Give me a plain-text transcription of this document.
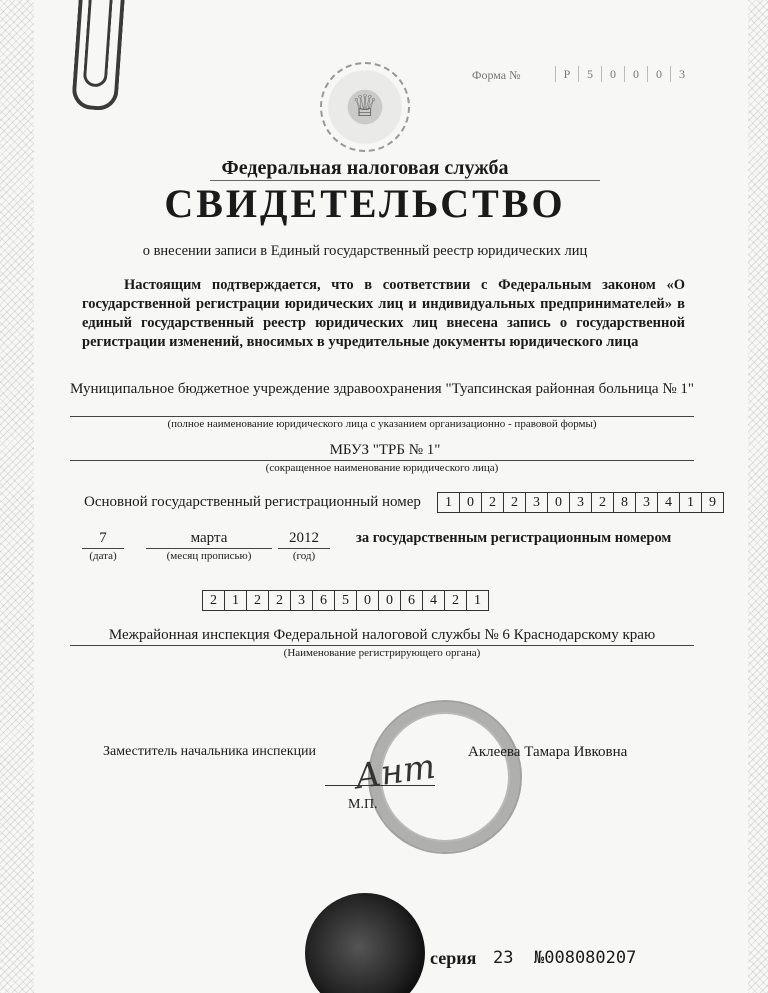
Форма №	Р	5	0	0	0	3
♕
Федеральная налоговая служба
СВИДЕТЕЛЬСТВО
о внесении записи в Единый государственный реестр юридических лиц
Настоящим подтверждается, что в соответствии с Федеральным законом «О государственной регистрации юридических лиц и индивидуальных предпринимателей» в единый государственный реестр юридических лиц внесена запись о государственной регистрации изменений, вносимых в учредительные документы юридического лица
Муниципальное бюджетное учреждение здравоохранения "Туапсинская районная больница № 1"
(полное наименование юридического лица с указанием организационно - правовой формы)
МБУЗ "ТРБ № 1"
(сокращенное наименование юридического лица)
Основной государственный регистрационный номер	1	0	2	2	3	0	3	2	8	3	4	1	9
7
(дата)
марта
(месяц прописью)
2012
(год)
за государственным регистрационным номером
2	1	2	2	3	6	5	0	0	6	4	2	1
Межрайонная инспекция Федеральной налоговой службы № 6 Краснодарскому краю
(Наименование регистрирующего органа)
Заместитель начальника инспекции	Аклеева Тамара Ивковна
Ант
М.П.
серия 23 №008080207
